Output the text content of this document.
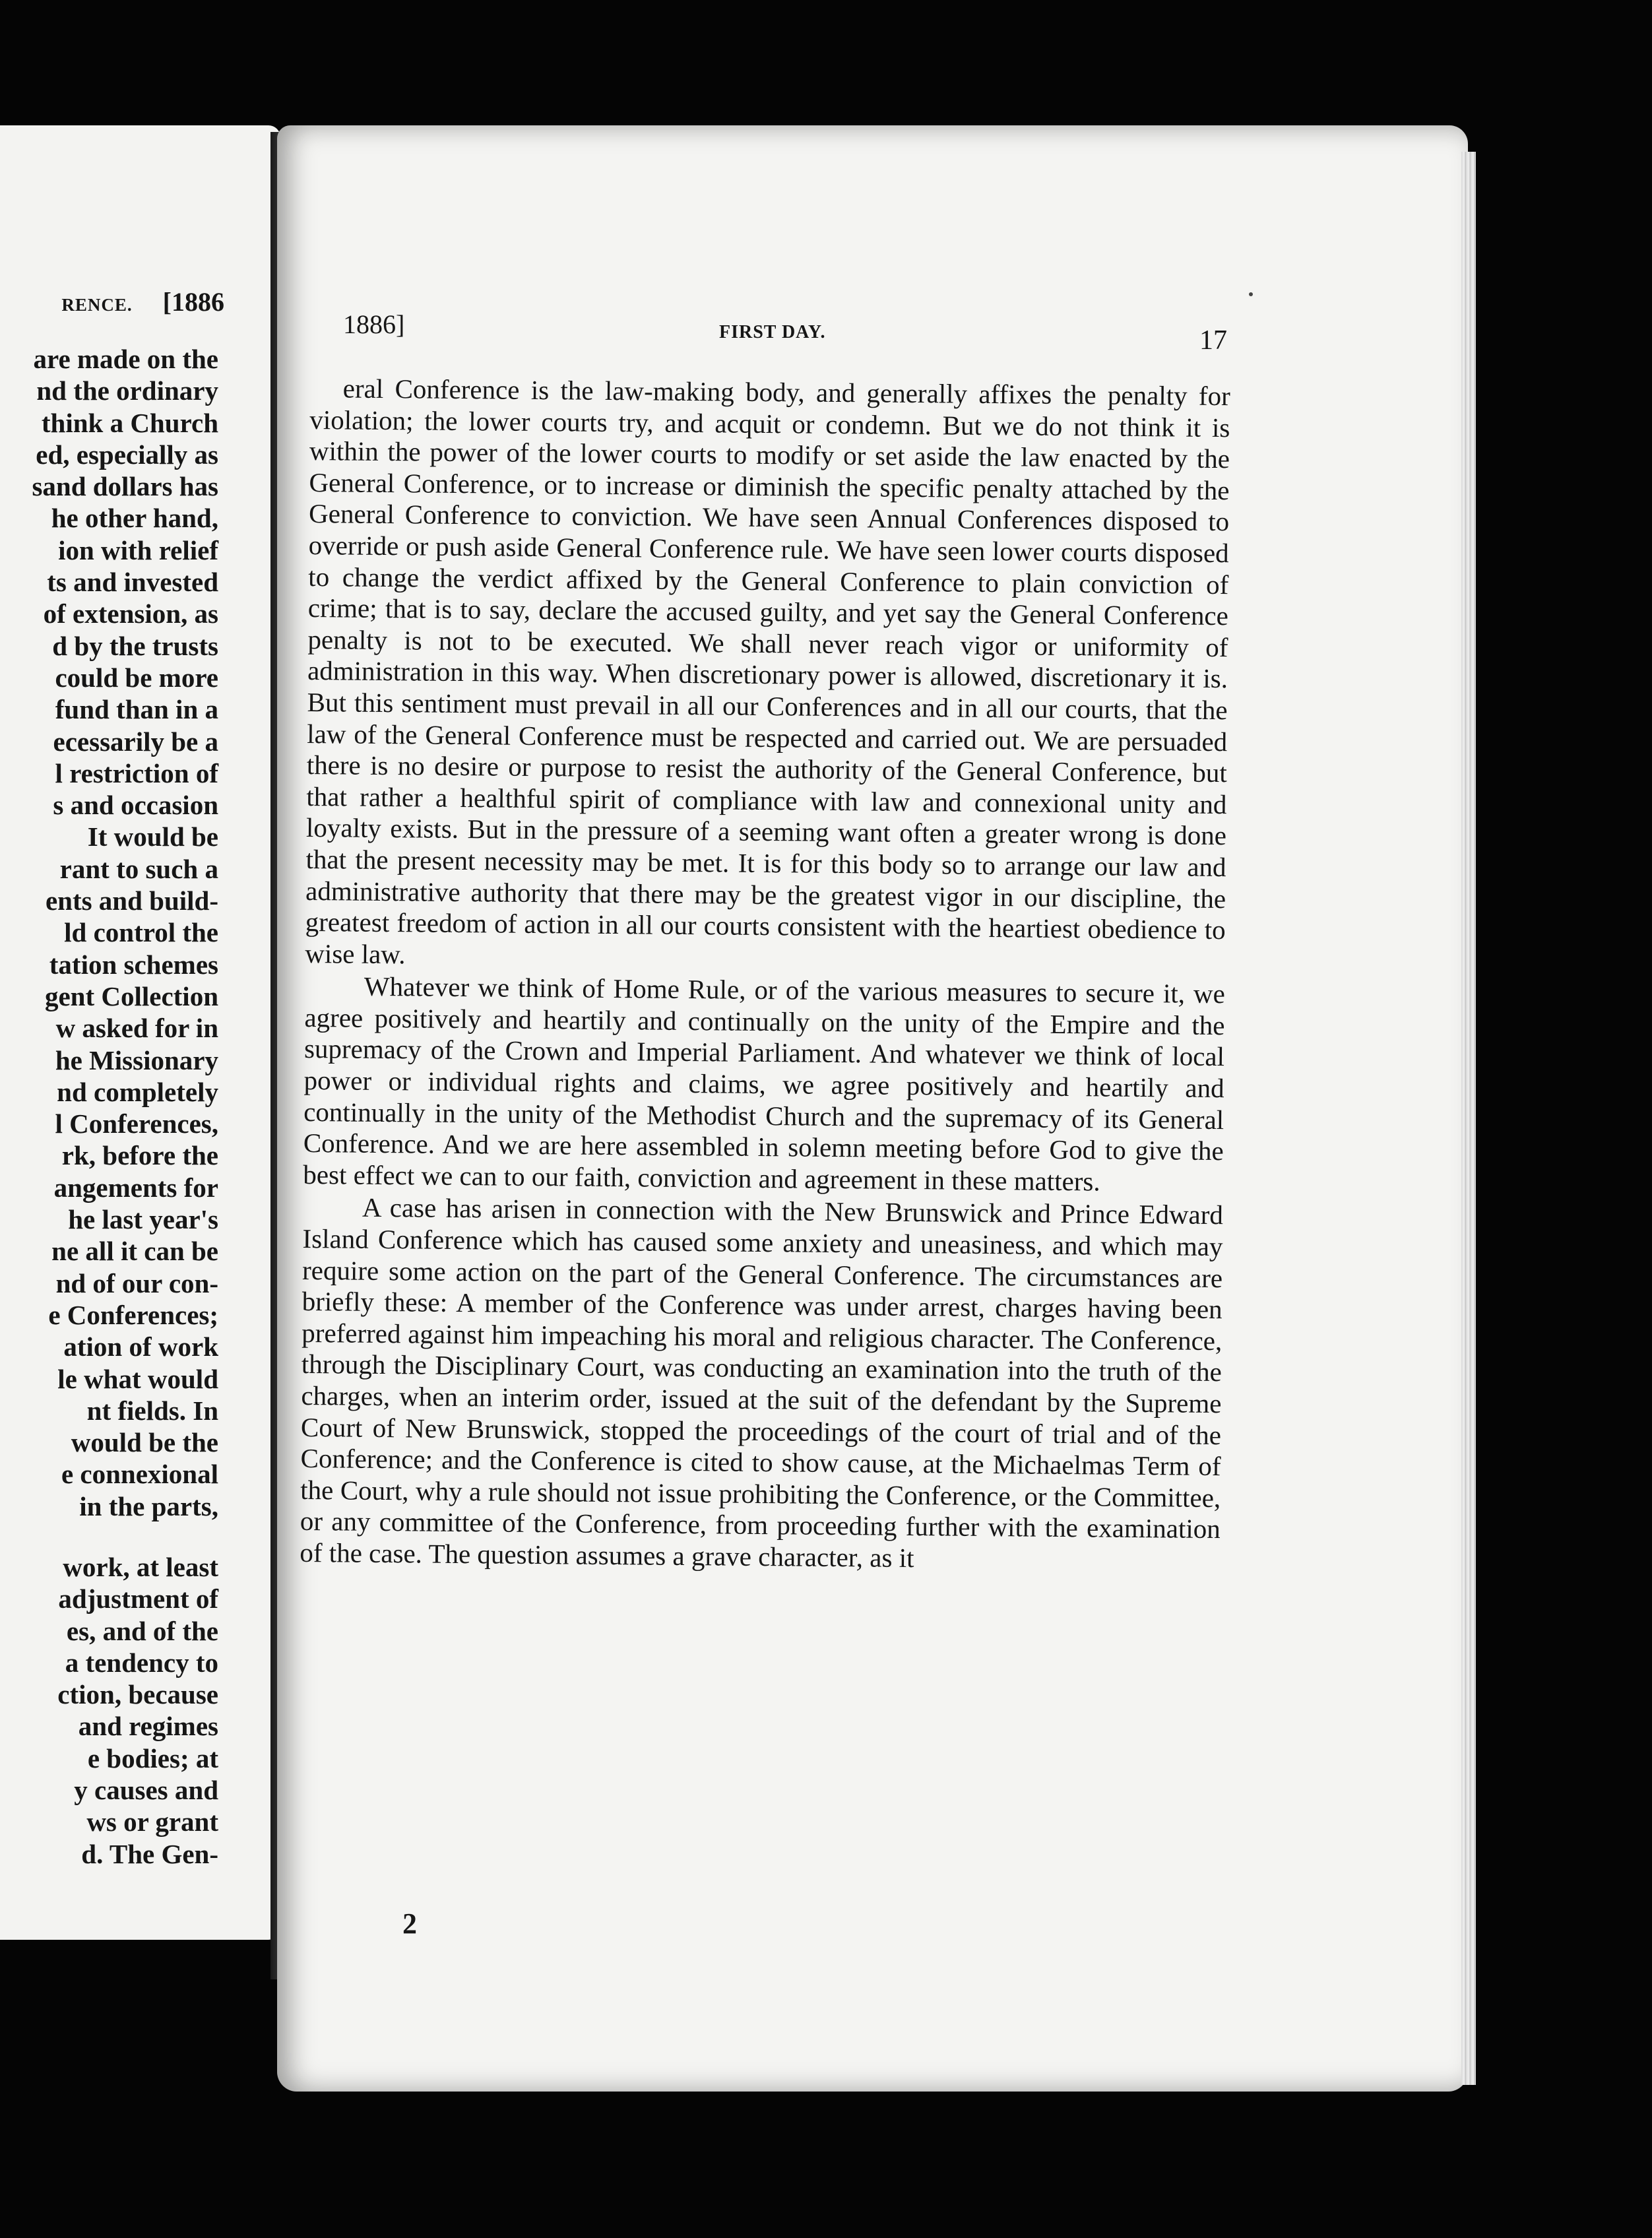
RENCE. [1886
are made on the
nd the ordinary
think a Church
ed, especially as
sand dollars has
he other hand,
ion with relief
ts and invested
of extension, as
d by the trusts
could be more
fund than in a
ecessarily be a
l restriction of
s and occasion
It would be
rant to such a
ents and build-
ld control the
tation schemes
gent Collection
w asked for in
he Missionary
nd completely
l Conferences,
rk, before the
angements for
he last year's
ne all it can be
nd of our con-
e Conferences;
ation of work
le what would
nt fields. In
would be the
e connexional
in the parts,
work, at least
adjustment of
es, and of the
a tendency to
ction, because
and regimes
e bodies; at
y causes and
ws or grant
d. The Gen-
1886]	FIRST DAY.	17

eral Conference is the law-making body, and generally affixes the penalty for violation; the lower courts try, and acquit or condemn. But we do not think it is within the power of the lower courts to modify or set aside the law enacted by the General Conference, or to increase or diminish the specific penalty attached by the General Conference to conviction. We have seen Annual Conferences disposed to override or push aside General Conference rule. We have seen lower courts disposed to change the verdict affixed by the General Conference to plain conviction of crime; that is to say, declare the accused guilty, and yet say the General Conference penalty is not to be executed. We shall never reach vigor or uniformity of administration in this way. When discretionary power is allowed, discretionary it is. But this sentiment must prevail in all our Conferences and in all our courts, that the law of the General Conference must be respected and carried out. We are persuaded there is no desire or purpose to resist the authority of the General Conference, but that rather a healthful spirit of compliance with law and connexional unity and loyalty exists. But in the pressure of a seeming want often a greater wrong is done that the present necessity may be met. It is for this body so to arrange our law and administrative authority that there may be the greatest vigor in our discipline, the greatest freedom of action in all our courts consistent with the heartiest obedience to wise law.

Whatever we think of Home Rule, or of the various measures to secure it, we agree positively and heartily and continually on the unity of the Empire and the supremacy of the Crown and Imperial Parliament. And whatever we think of local power or individual rights and claims, we agree positively and heartily and continually in the unity of the Methodist Church and the supremacy of its General Conference. And we are here assembled in solemn meeting before God to give the best effect we can to our faith, conviction and agreement in these matters.

A case has arisen in connection with the New Brunswick and Prince Edward Island Conference which has caused some anxiety and uneasiness, and which may require some action on the part of the General Conference. The circumstances are briefly these: A member of the Conference was under arrest, charges having been preferred against him impeaching his moral and religious character. The Conference, through the Disciplinary Court, was conducting an examination into the truth of the charges, when an interim order, issued at the suit of the defendant by the Supreme Court of New Brunswick, stopped the proceedings of the court of trial and of the Conference; and the Conference is cited to show cause, at the Michaelmas Term of the Court, why a rule should not issue prohibiting the Conference, or the Committee, or any committee of the Conference, from proceeding further with the examination of the case. The question assumes a grave character, as it

2
